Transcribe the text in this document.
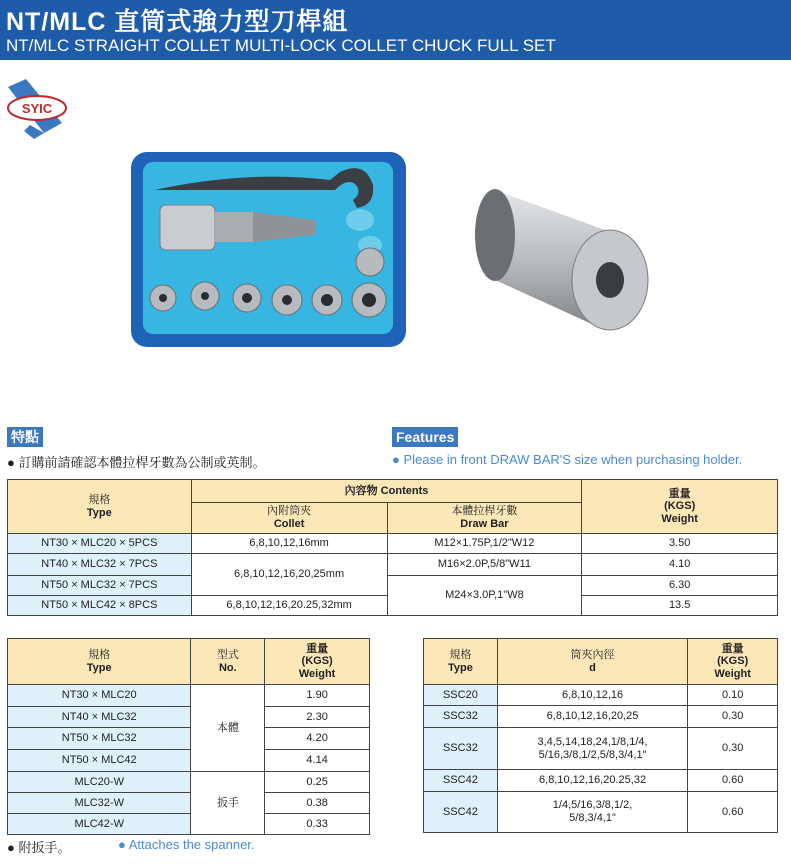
NT/MLC 直筒式強力型刀桿組
NT/MLC STRAIGHT COLLET MULTI-LOCK COLLET CHUCK FULL SET
SYIC
特點	Features
● 訂購前請確認本體拉桿牙數為公制或英制。	● Please in front DRAW BAR'S size when purchasing holder.
規格
Type	內容物 Contents		重量
(KGS)
Weight
	內附筒夾
Collet	本體拉桿牙數
Draw Bar	
NT30 × MLC20 × 5PCS	6,8,10,12,16mm	M12×1.75P,1/2"W12	3.50
NT40 × MLC32 × 7PCS	6,8,10,12,16,20,25mm	M16×2.0P,5/8"W11	4.10
NT50 × MLC32 × 7PCS		M24×3.0P,1"W8	6.30
NT50 × MLC42 × 8PCS	6,8,10,12,16,20.25,32mm		13.5
規格
Type	型式
No.	重量
(KGS)
Weight
NT30 × MLC20	本體	1.90
NT40 × MLC32		2.30
NT50 × MLC32		4.20
NT50 × MLC42		4.14
MLC20-W	扳手	0.25
MLC32-W		0.38
MLC42-W		0.33
規格
Type	筒夾內徑
d	重量
(KGS)
Weight
SSC20	6,8,10,12,16	0.10
SSC32	6,8,10,12,16,20,25	0.30
SSC32	3,4,5,14,18,24,1/8,1/4,
5/16,3/8,1/2,5/8,3/4,1"	0.30
SSC42	6,8,10,12,16,20.25,32	0.60
SSC42	1/4,5/16,3/8,1/2,
5/8,3/4,1"	0.60
● 附扳手。	● Attaches the spanner.
